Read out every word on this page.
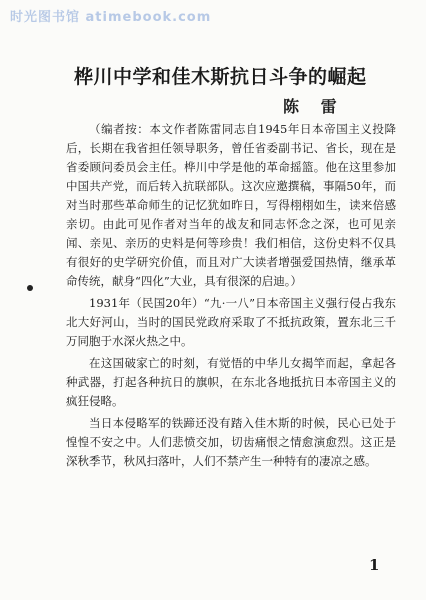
时光图书馆 atimebook.com
桦川中学和佳木斯抗日斗争的崛起
陈 雷

（编者按：本文作者陈雷同志自1945年日本帝国主义投降后，长期在我省担任领导职务，曾任省委副书记、省长，现在是省委顾问委员会主任。桦川中学是他的革命摇篮。他在这里参加中国共产党，而后转入抗联部队。这次应邀撰稿，事隔50年，而对当时那些革命师生的记忆犹如昨日，写得栩栩如生，读来倍感亲切。由此可见作者对当年的战友和同志怀念之深，也可见亲闻、亲见、亲历的史料是何等珍贵！我们相信，这份史料不仅具有很好的史学研究价值，而且对广大读者增强爱国热情，继承革命传统，献身“四化”大业，具有很深的启迪。）

1931年（民国20年）“九·一八”日本帝国主义强行侵占我东北大好河山，当时的国民党政府采取了不抵抗政策，置东北三千万同胞于水深火热之中。

在这国破家亡的时刻，有觉悟的中华儿女揭竿而起，拿起各种武器，打起各种抗日的旗帜，在东北各地抵抗日本帝国主义的疯狂侵略。

当日本侵略军的铁蹄还没有踏入佳木斯的时候，民心已处于惶惶不安之中。人们悲愤交加，切齿痛恨之情愈演愈烈。这正是深秋季节，秋风扫落叶，人们不禁产生一种特有的凄凉之感。

1
